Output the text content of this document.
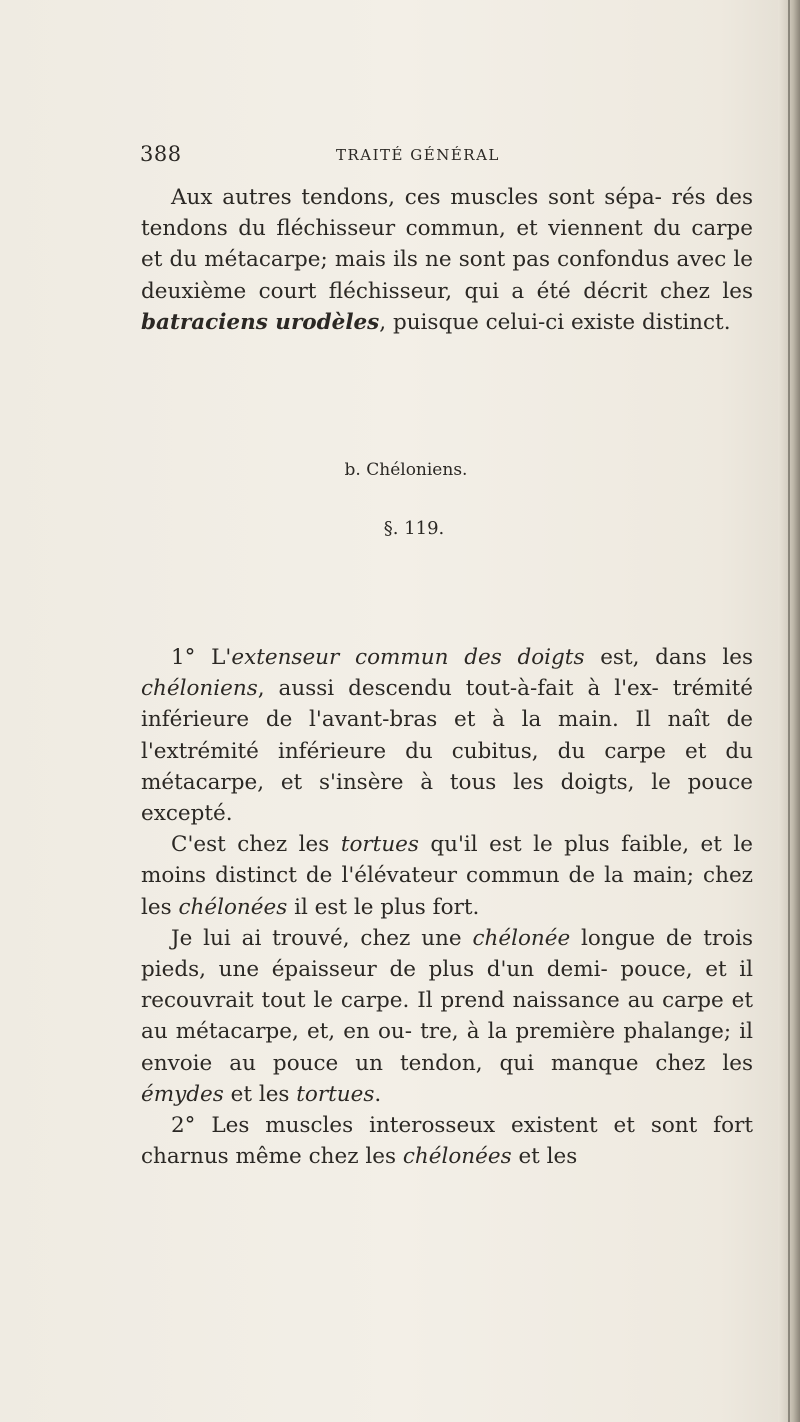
388	TRAITÉ GÉNÉRAL

Aux autres tendons, ces muscles sont sépa- rés des tendons du fléchisseur commun, et viennent du carpe et du métacarpe; mais ils ne sont pas confondus avec le deuxième court fléchisseur, qui a été décrit chez les batraciens urodèles, puisque celui-ci existe distinct.

b. Chéloniens.
§. 119.

1° L'extenseur commun des doigts est, dans les chéloniens, aussi descendu tout-à-fait à l'ex- trémité inférieure de l'avant-bras et à la main. Il naît de l'extrémité inférieure du cubitus, du carpe et du métacarpe, et s'insère à tous les doigts, le pouce excepté.

C'est chez les tortues qu'il est le plus faible, et le moins distinct de l'élévateur commun de la main; chez les chélonées il est le plus fort.

Je lui ai trouvé, chez une chélonée longue de trois pieds, une épaisseur de plus d'un demi- pouce, et il recouvrait tout le carpe. Il prend naissance au carpe et au métacarpe, et, en ou- tre, à la première phalange; il envoie au pouce un tendon, qui manque chez les émydes et les tortues.

2° Les muscles interosseux existent et sont fort charnus même chez les chélonées et les
